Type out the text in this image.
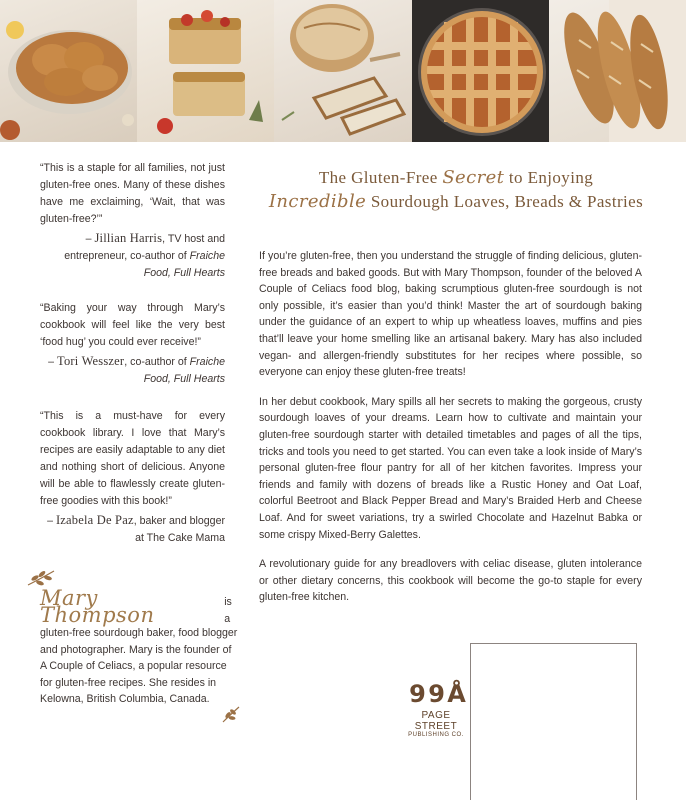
“This is a staple for all families, not just gluten-free ones. Many of these dishes have me exclaiming, ‘Wait, that was gluten-free?’”

– Jillian Harris, TV host and entrepreneur, co-author of Fraiche Food, Full Hearts

“Baking your way through Mary’s cookbook will feel like the very best ‘food hug’ you could ever receive!”

– Tori Wesszer, co-author of Fraiche Food, Full Hearts

“This is a must-have for every cookbook library. I love that Mary’s recipes are easily adaptable to any diet and nothing short of delicious. Anyone will be able to flawlessly create gluten-free goodies with this book!”

– Izabela De Paz, baker and blogger at The Cake Mama

Mary Thompson
is a
gluten-free sourdough baker, food blogger and photographer. Mary is the founder of A Couple of Celiacs, a popular resource for gluten-free recipes. She resides in Kelowna, British Columbia, Canada.
The Gluten-Free Secret to Enjoying
Incredible Sourdough Loaves, Breads & Pastries

If you’re gluten-free, then you understand the struggle of finding delicious, gluten-free breads and baked goods. But with Mary Thompson, founder of the beloved A Couple of Celiacs food blog, baking scrumptious gluten-free sourdough is not only possible, it’s easier than you’d think! Master the art of sourdough baking under the guidance of an expert to whip up wheatless loaves, muffins and pies that’ll leave your home smelling like an artisanal bakery. Mary has also included vegan- and allergen-friendly substitutes for her recipes where possible, so everyone can enjoy these gluten-free treats!

In her debut cookbook, Mary spills all her secrets to making the gorgeous, crusty sourdough loaves of your dreams. Learn how to cultivate and maintain your gluten-free sourdough starter with detailed timetables and pages of all the tips, tricks and tools you need to get started. You can even take a look inside of Mary’s personal gluten-free flour pantry for all of her kitchen favorites. Impress your friends and family with dozens of breads like a Rustic Honey and Oat Loaf, colorful Beetroot and Black Pepper Bread and Mary’s Braided Herb and Cheese Loaf. And for sweet variations, try a swirled Chocolate and Hazelnut Babka or some crispy Mixed-Berry Galettes.

A revolutionary guide for any breadlovers with celiac disease, gluten intolerance or other dietary concerns, this cookbook will become the go-to staple for every gluten-free kitchen.

9 9 Å
PAGE STREET
PUBLISHING CO.
